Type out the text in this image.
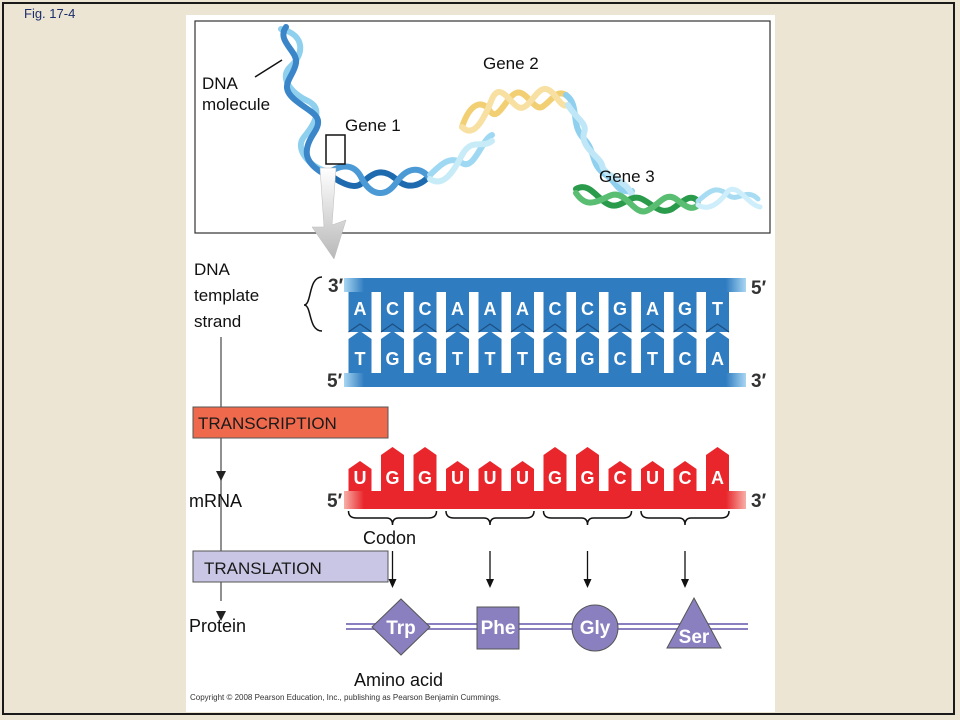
Fig. 17-4
DNA
molecule
Gene 1
Gene 2
Gene 3
DNA
template
strand
3′	5′
5′	3′
A C C A A A C C G A G T
T G G T T T G G C T C A
TRANSCRIPTION
mRNA
TRANSLATION
Protein
5′	3′
U G G U U U G G C U C A
Codon
Trp	Phe	Gly	Ser
Amino acid
Copyright © 2008 Pearson Education, Inc., publishing as Pearson Benjamin Cummings.
